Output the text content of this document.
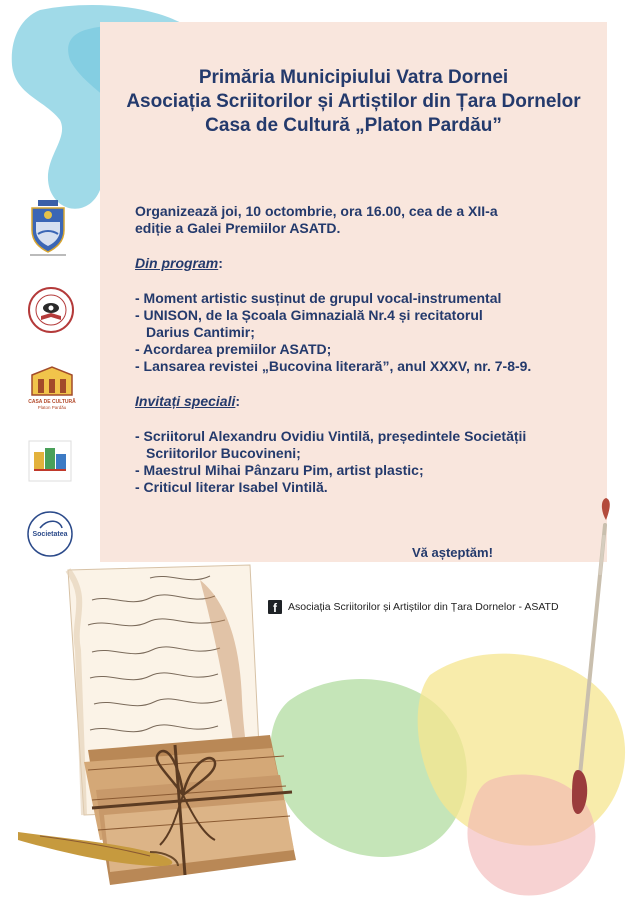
Primăria Municipiului Vatra Dornei
Asociația Scriitorilor și Artiștilor din Țara Dornelor
Casa de Cultură „Platon Pardău”

Organizează joi, 10 octombrie, ora 16.00, cea de a XII-a

ediție a Galei Premiilor ASATD.

Din program:

- Moment artistic susținut de grupul vocal-instrumental
- UNISON, de la Școala Gimnazială Nr.4 și recitatorul
Darius Cantimir;
- Acordarea premiilor ASATD;
- Lansarea revistei „Bucovina literară”, anul XXXV, nr. 7-8-9.

Invitați speciali:

- Scriitorul Alexandru Ovidiu Vintilă, președintele Societății
Scriitorilor Bucovineni;
- Maestrul Mihai Pânzaru Pim, artist plastic;
- Criticul literar Isabel Vintilă.
Vă așteptăm!
f	Asociația Scriitorilor și Artiștilor din Țara Dornelor - ASATD
CASA DE CULTURĂ
Platon Pardău
Societatea
